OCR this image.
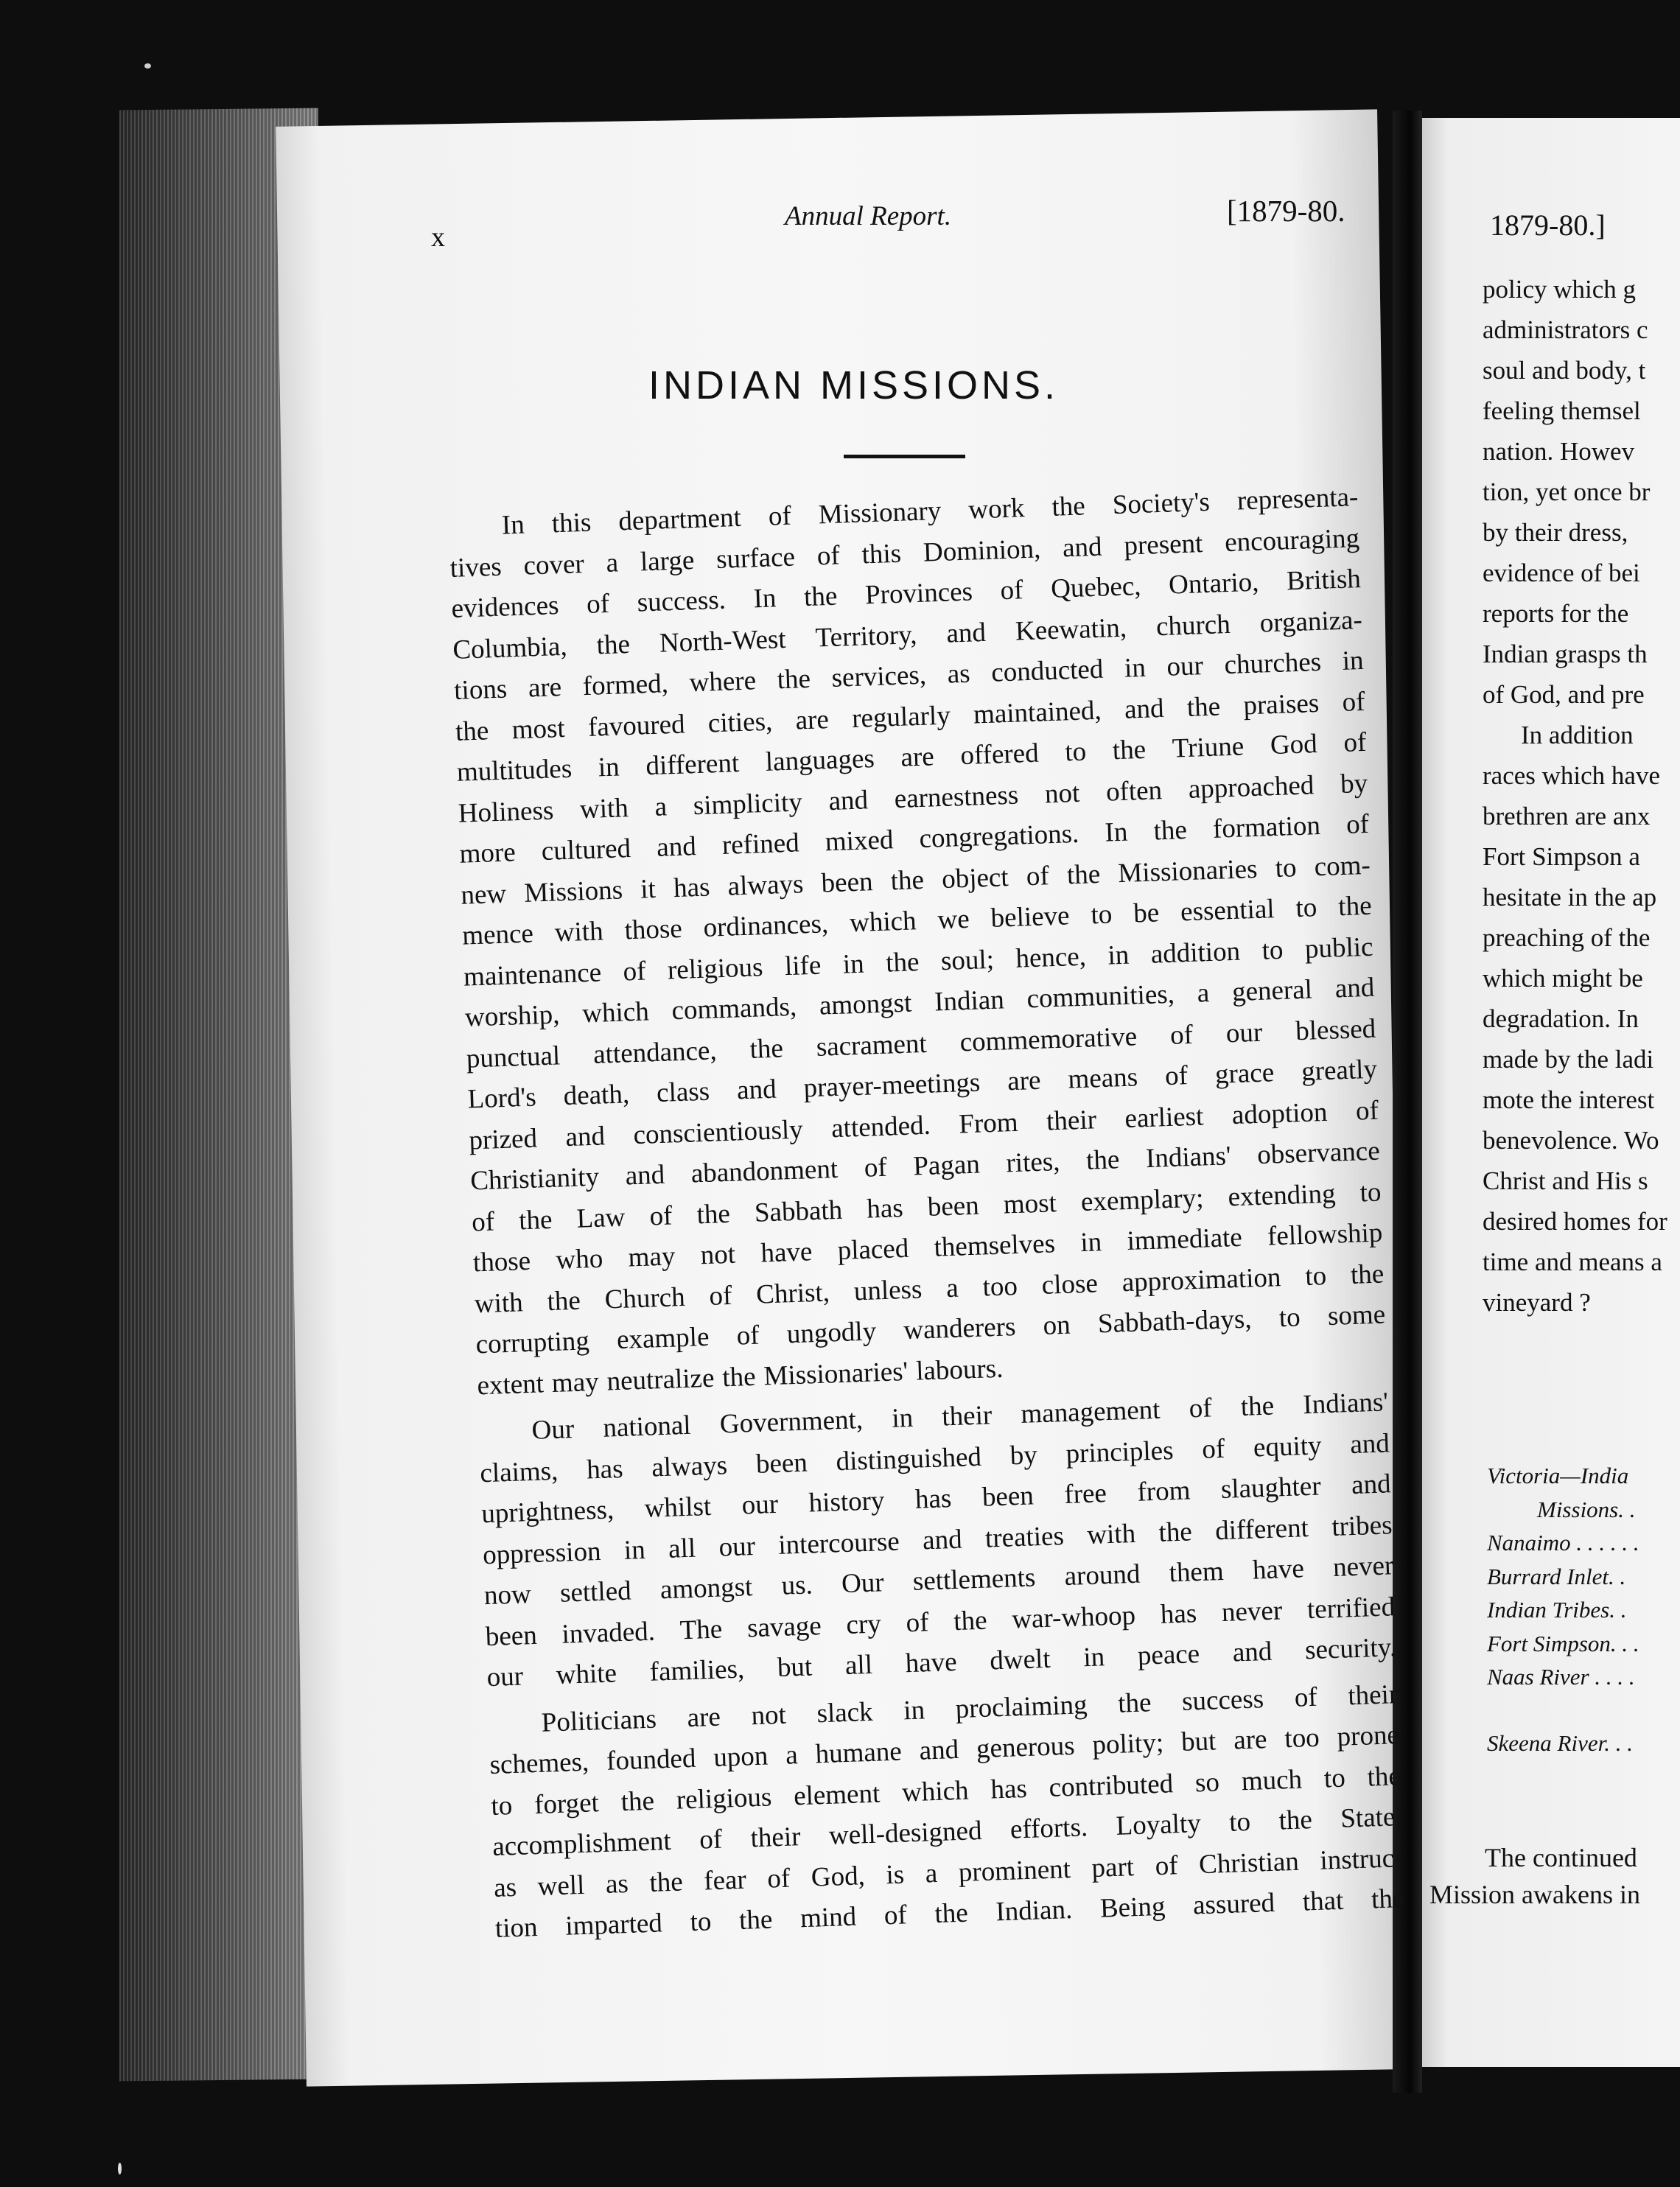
1879-80.]
policy which g
administrators c
soul and body, t
feeling themsel
nation. Howev
tion, yet once br
by their dress,
evidence of bei
reports for the
Indian grasps th
of God, and pre
In addition
races which have
brethren are anx
Fort Simpson a
hesitate in the ap
preaching of the
which might be
degradation. In
made by the ladi
mote the interest
benevolence. Wo
Christ and His s
desired homes for
time and means a
vineyard ?
Victoria—India
Missions. .
Nanaimo . . . . . .
Burrard Inlet. .
Indian Tribes. .
Fort Simpson. . .
Naas River . . . .
Skeena River. . .
The continued
Mission awakens in
x
Annual Report.	[1879-80.
INDIAN MISSIONS.
In this department of Missionary work the Society's representa-
tives cover a large surface of this Dominion, and present encouraging
evidences of success. In the Provinces of Quebec, Ontario, British
Columbia, the North-West Territory, and Keewatin, church organiza-
tions are formed, where the services, as conducted in our churches in
the most favoured cities, are regularly maintained, and the praises of
multitudes in different languages are offered to the Triune God of
Holiness with a simplicity and earnestness not often approached by
more cultured and refined mixed congregations. In the formation of
new Missions it has always been the object of the Missionaries to com-
mence with those ordinances, which we believe to be essential to the
maintenance of religious life in the soul; hence, in addition to public
worship, which commands, amongst Indian communities, a general and
punctual attendance, the sacrament commemorative of our blessed
Lord's death, class and prayer-meetings are means of grace greatly
prized and conscientiously attended. From their earliest adoption of
Christianity and abandonment of Pagan rites, the Indians' observance
of the Law of the Sabbath has been most exemplary; extending to
those who may not have placed themselves in immediate fellowship
with the Church of Christ, unless a too close approximation to the
corrupting example of ungodly wanderers on Sabbath-days, to some
extent may neutralize the Missionaries' labours.
Our national Government, in their management of the Indians'
claims, has always been distinguished by principles of equity and
uprightness, whilst our history has been free from slaughter and
oppression in all our intercourse and treaties with the different tribes
now settled amongst us. Our settlements around them have never
been invaded. The savage cry of the war-whoop has never terrified
our white families, but all have dwelt in peace and security.
Politicians are not slack in proclaiming the success of their
schemes, founded upon a humane and generous polity; but are too prone
to forget the religious element which has contributed so much to the
accomplishment of their well-designed efforts. Loyalty to the State,
as well as the fear of God, is a prominent part of Christian instruc-
tion imparted to the mind of the Indian. Being assured that the
